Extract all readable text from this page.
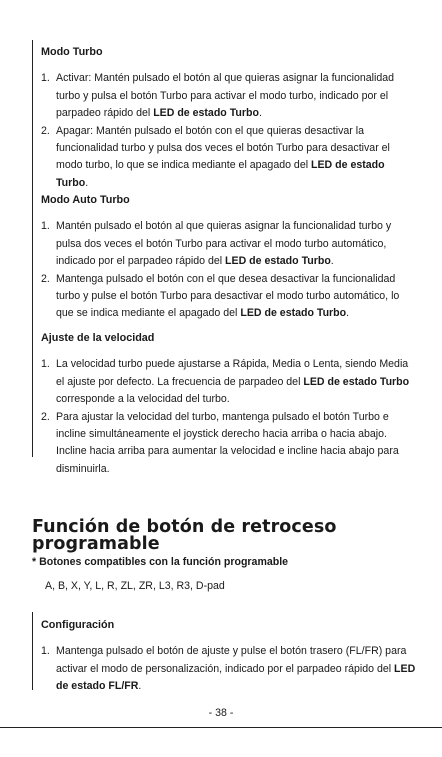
Modo Turbo
1. Activar: Mantén pulsado el botón al que quieras asignar la funcionalidad turbo y pulsa el botón Turbo para activar el modo turbo, indicado por el parpadeo rápido del LED de estado Turbo.
2. Apagar: Mantén pulsado el botón con el que quieras desactivar la funcionalidad turbo y pulsa dos veces el botón Turbo para desactivar el modo turbo, lo que se indica mediante el apagado del LED de estado Turbo.
Modo Auto Turbo
1. Mantén pulsado el botón al que quieras asignar la funcionalidad turbo y pulsa dos veces el botón Turbo para activar el modo turbo automático, indicado por el parpadeo rápido del LED de estado Turbo.
2. Mantenga pulsado el botón con el que desea desactivar la funcionalidad turbo y pulse el botón Turbo para desactivar el modo turbo automático, lo que se indica mediante el apagado del LED de estado Turbo.
Ajuste de la velocidad
1. La velocidad turbo puede ajustarse a Rápida, Media o Lenta, siendo Media el ajuste por defecto. La frecuencia de parpadeo del LED de estado Turbo corresponde a la velocidad del turbo.
2. Para ajustar la velocidad del turbo, mantenga pulsado el botón Turbo e incline simultáneamente el joystick derecho hacia arriba o hacia abajo. Incline hacia arriba para aumentar la velocidad e incline hacia abajo para disminuirla.
Función de botón de retroceso programable
* Botones compatibles con la función programable
A, B, X, Y, L, R, ZL, ZR, L3, R3, D-pad
Configuración
1. Mantenga pulsado el botón de ajuste y pulse el botón trasero (FL/FR) para activar el modo de personalización, indicado por el parpadeo rápido del LED de estado FL/FR.
- 38 -
